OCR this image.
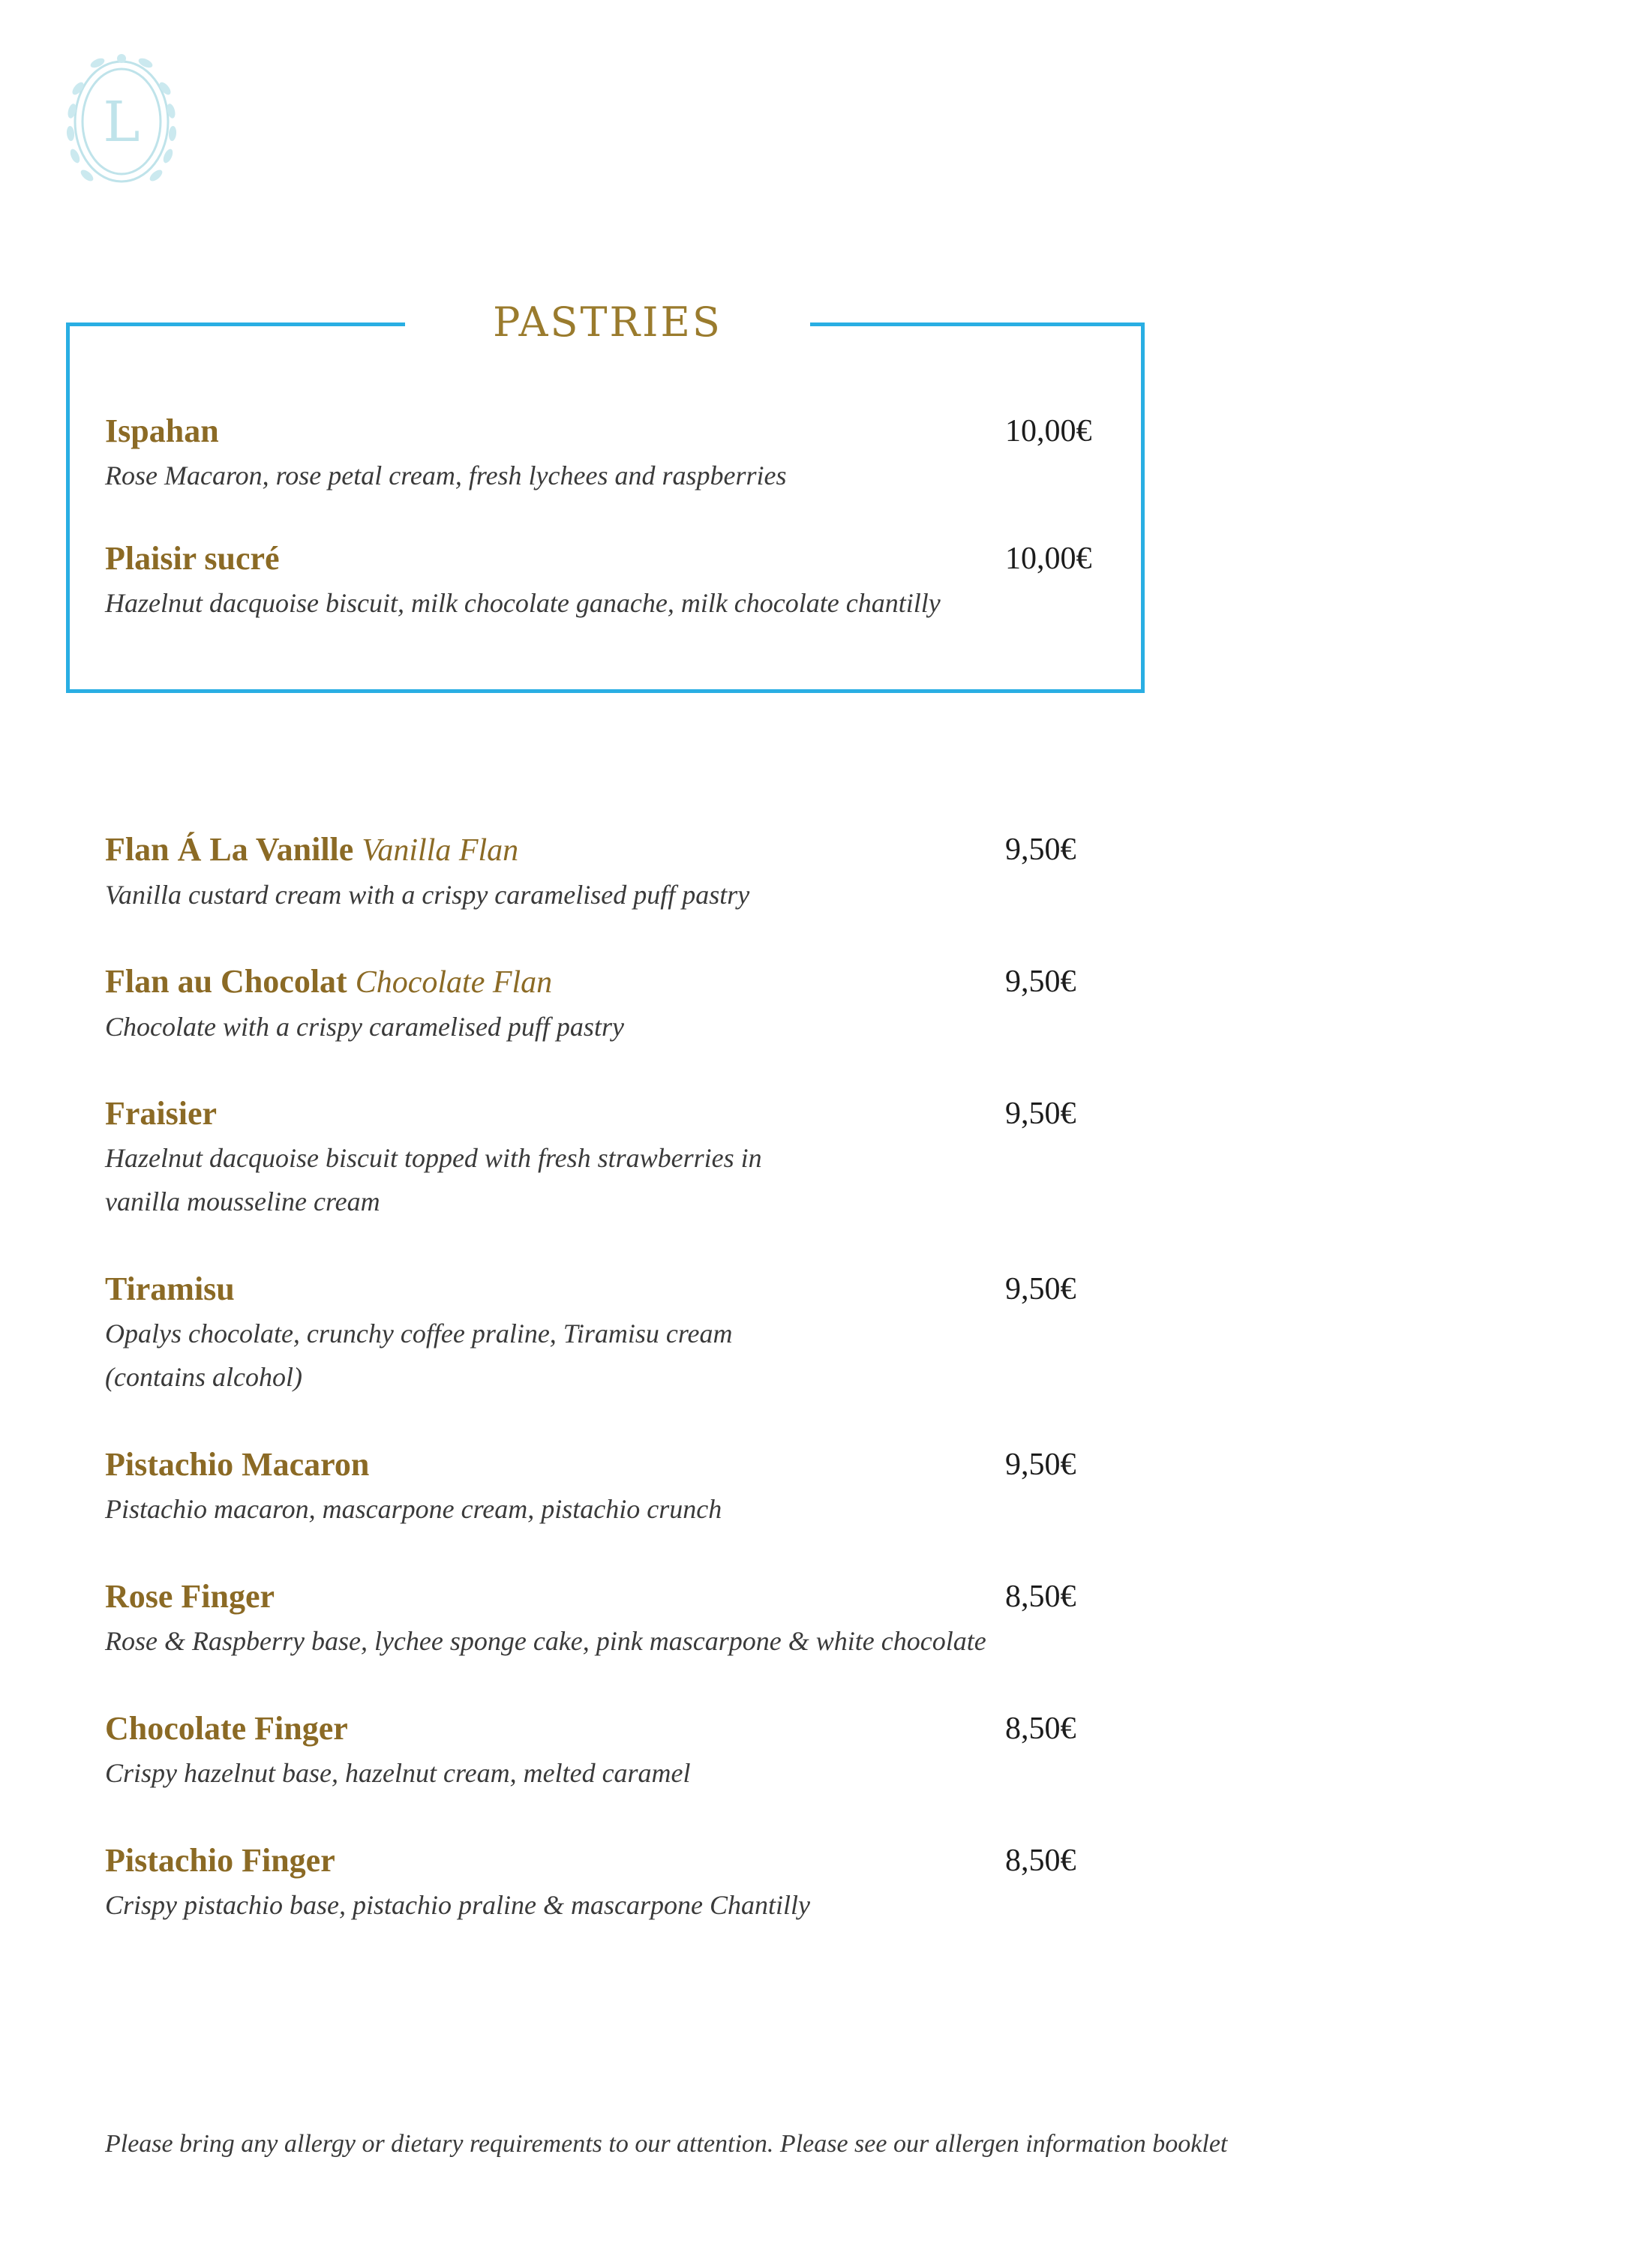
L
PASTRIES
Ispahan
Rose Macaron, rose petal cream, fresh lychees and raspberries
10,00€
Plaisir sucré
Hazelnut dacquoise biscuit, milk chocolate ganache, milk chocolate chantilly
10,00€
Flan Á La Vanille Vanilla Flan
Vanilla custard cream with a crispy caramelised puff pastry
9,50€
Flan au Chocolat Chocolate Flan
Chocolate with a crispy caramelised puff pastry
9,50€
Fraisier
Hazelnut dacquoise biscuit topped with fresh strawberries in
vanilla mousseline cream
9,50€
Tiramisu
Opalys chocolate, crunchy coffee praline, Tiramisu cream
(contains alcohol)
9,50€
Pistachio Macaron
Pistachio macaron, mascarpone cream, pistachio crunch
9,50€
Rose Finger
Rose & Raspberry base, lychee sponge cake, pink mascarpone & white chocolate
8,50€
Chocolate Finger
Crispy hazelnut base, hazelnut cream, melted caramel
8,50€
Pistachio Finger
Crispy pistachio base, pistachio praline & mascarpone Chantilly
8,50€
Please bring any allergy or dietary requirements to our attention. Please see our allergen information booklet
